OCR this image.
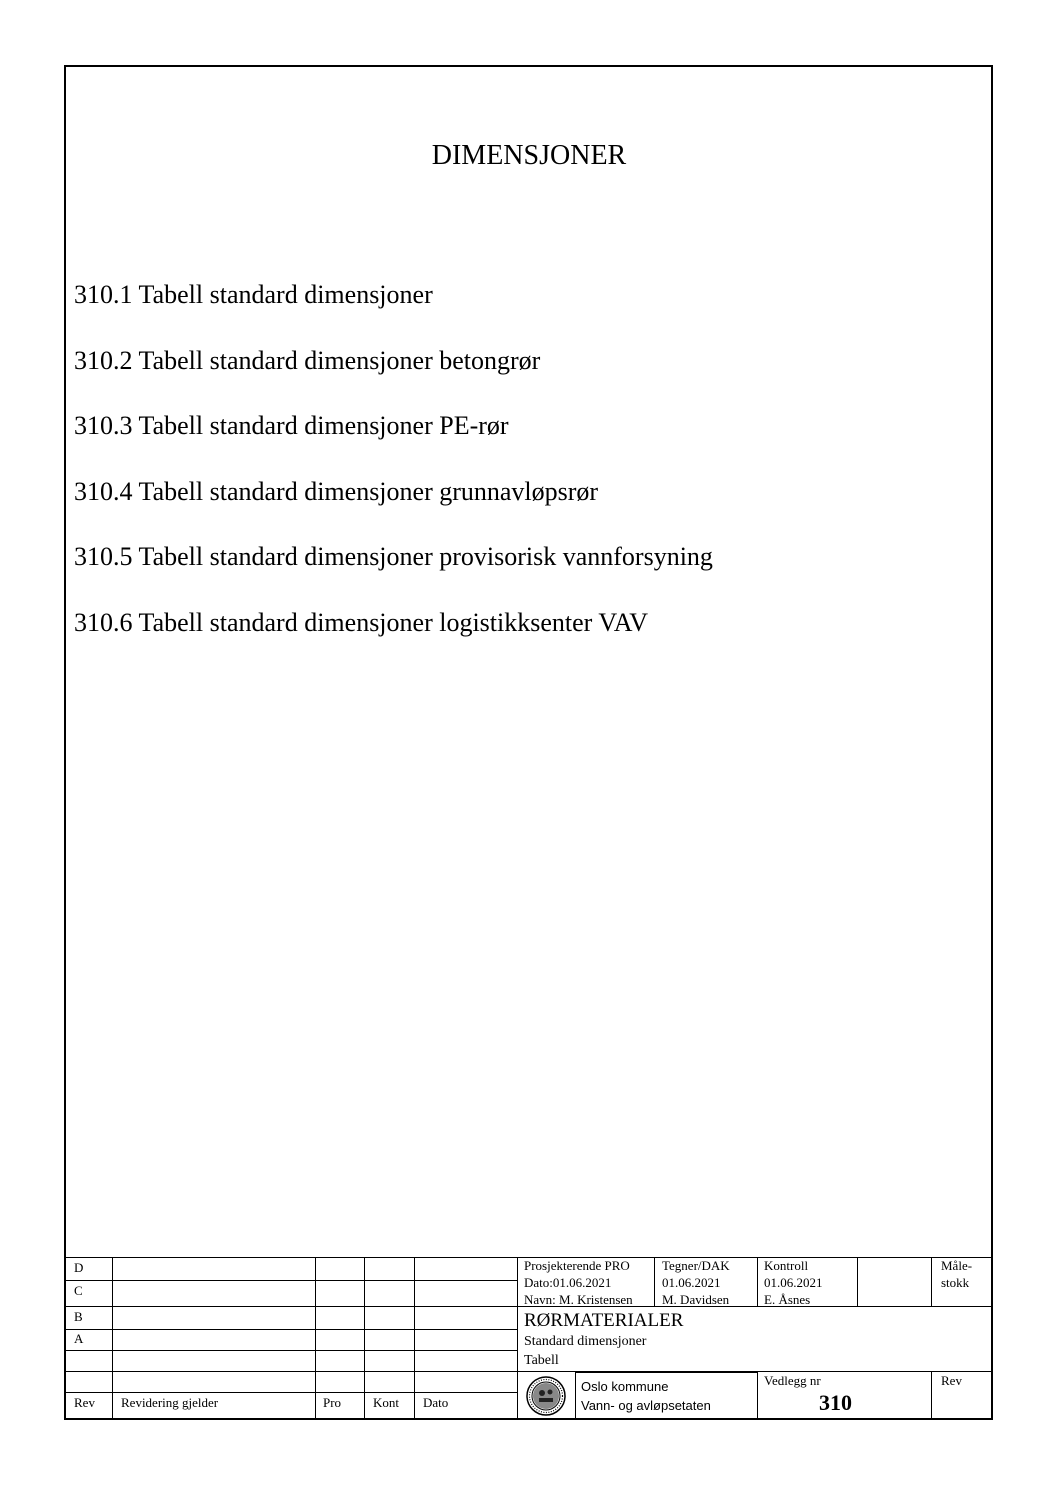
DIMENSJONER
310.1 Tabell standard dimensjoner
310.2 Tabell standard dimensjoner betongrør
310.3 Tabell standard dimensjoner PE-rør
310.4 Tabell standard dimensjoner grunnavløpsrør
310.5 Tabell standard dimensjoner provisorisk vannforsyning
310.6 Tabell standard dimensjoner logistikksenter VAV
D
C
B
A
Rev Revidering gjelder	Pro Kont Dato
Prosjekterende PRO
Dato:01.06.2021
Navn: M. Kristensen
Tegner/DAK
01.06.2021
M. Davidsen
Kontroll
01.06.2021
E. Åsnes
Måle-
stokk
RØRMATERIALER
Standard dimensjoner
Tabell
Oslo kommune
Vann- og avløpsetaten
Vedlegg nr
310
Rev
